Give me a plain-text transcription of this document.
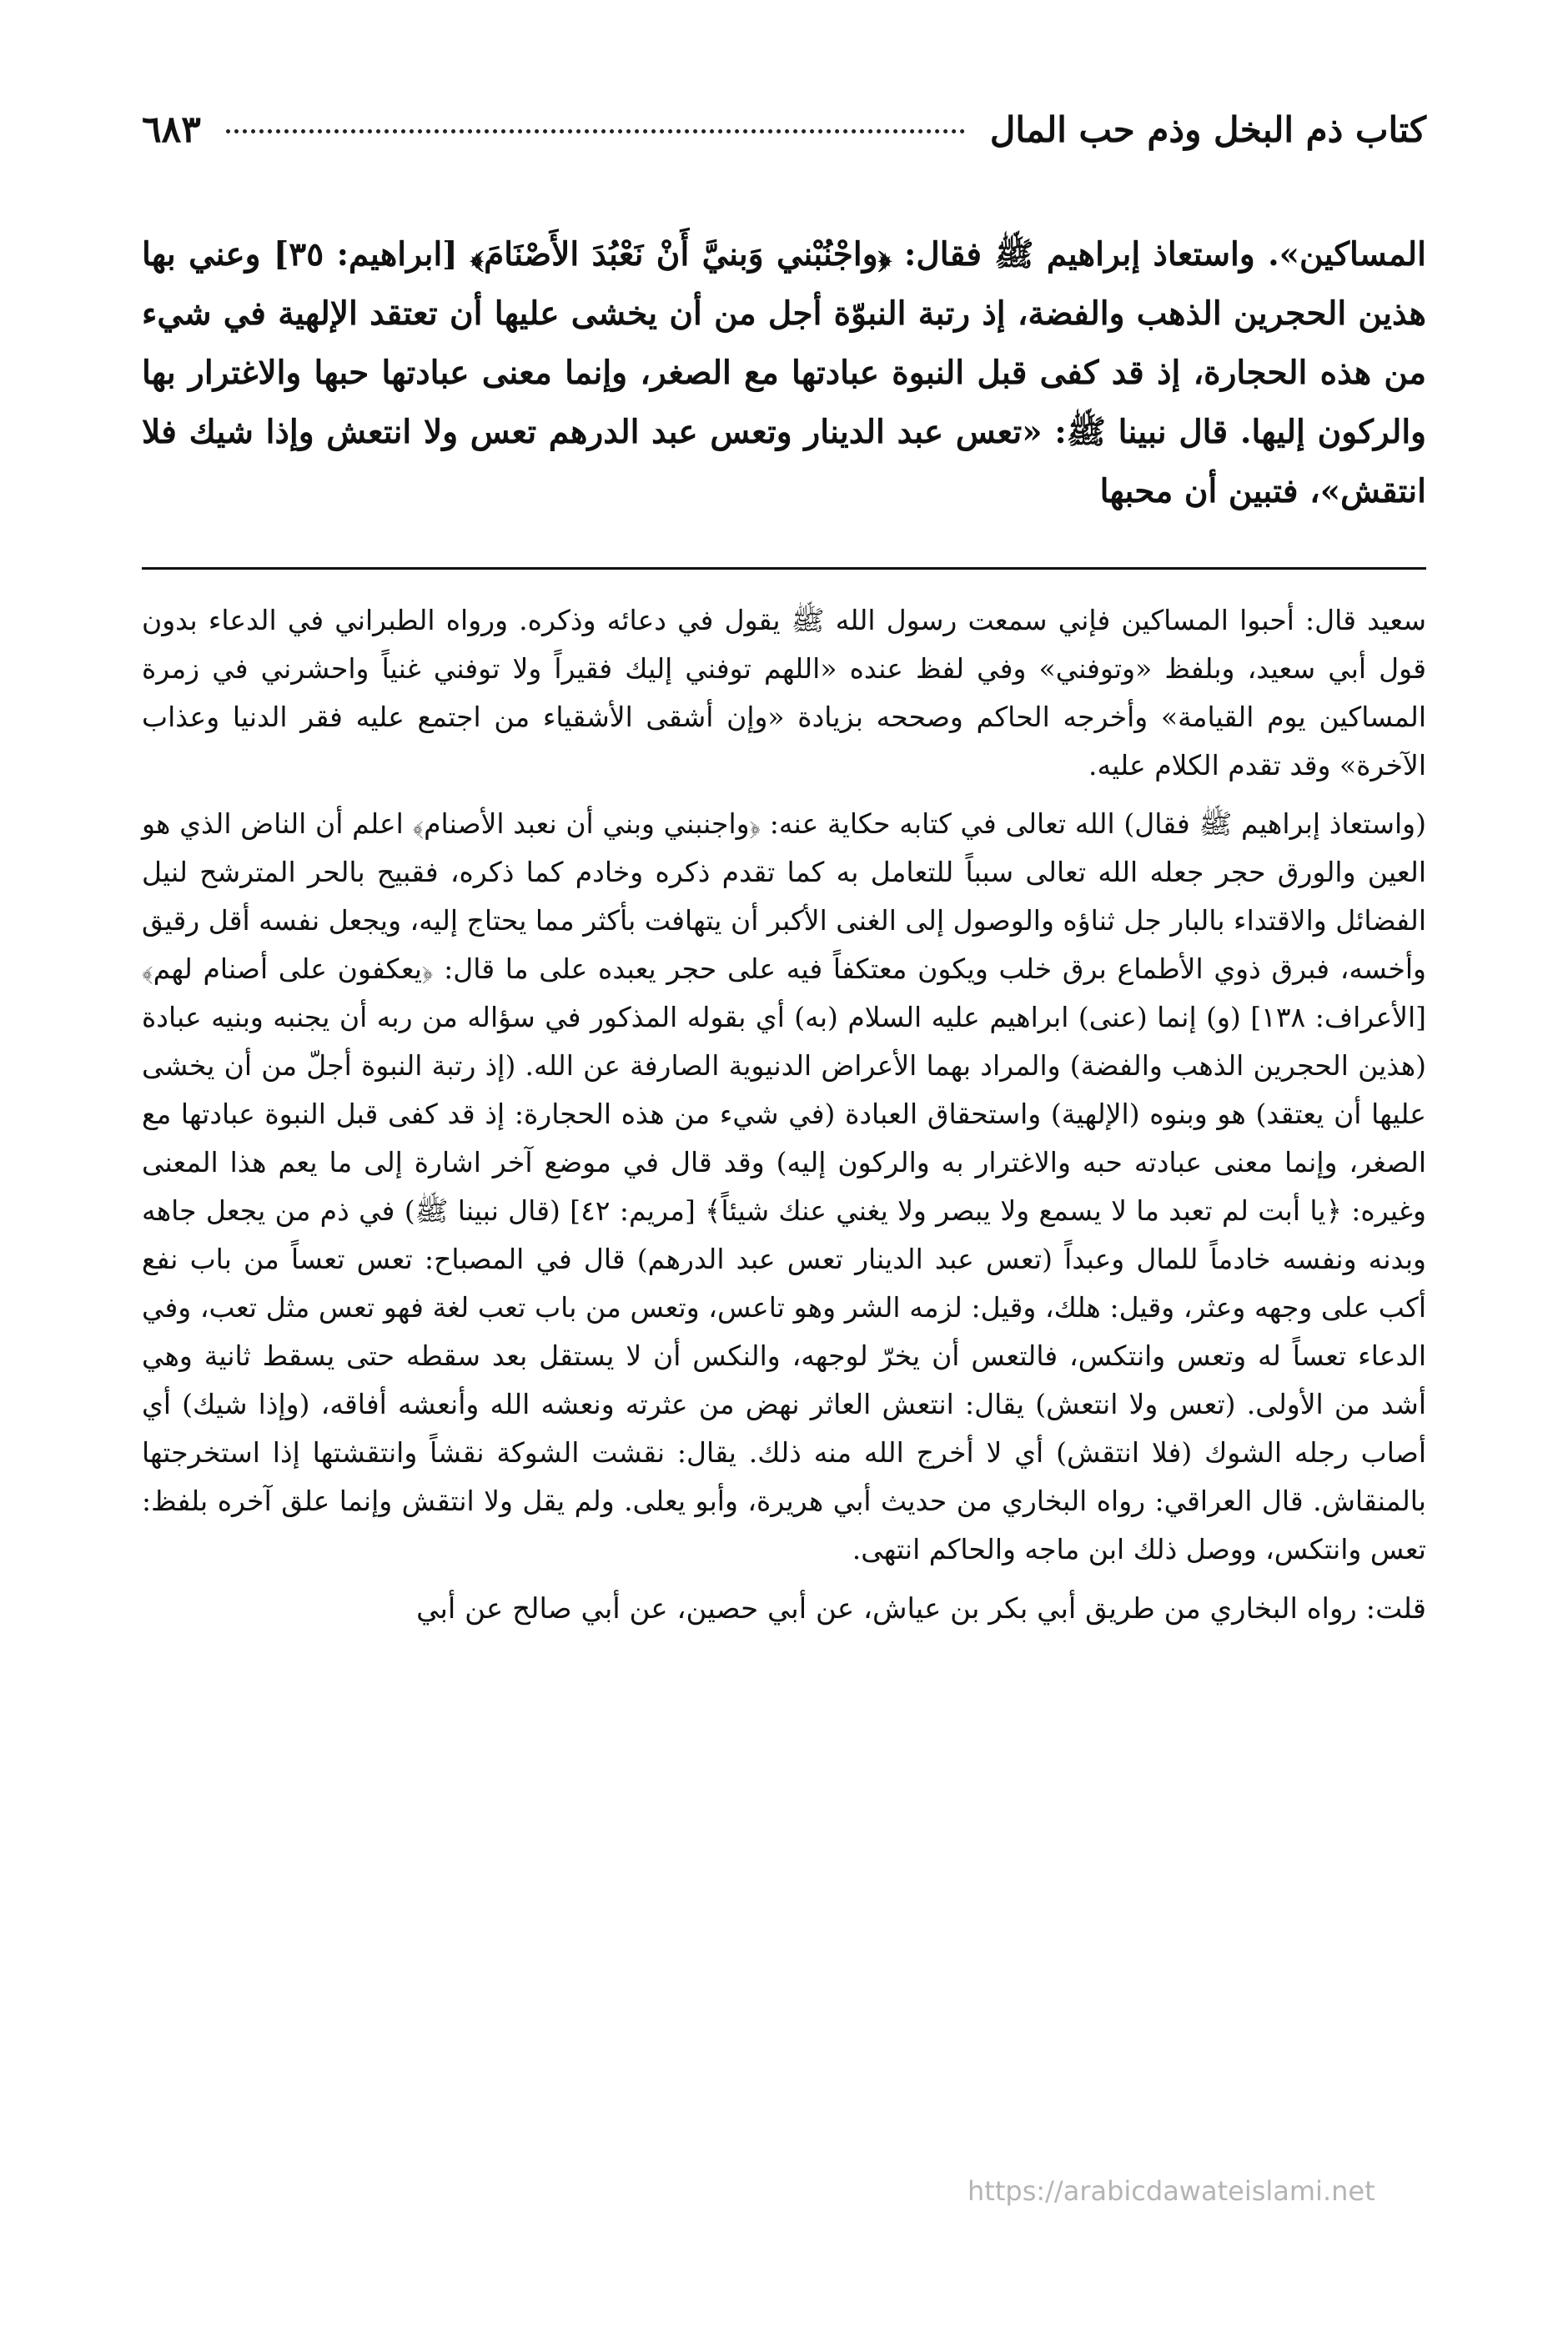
كتاب ذم البخل وذم حب المال
٦٨٣

المساكين». واستعاذ إبراهيم ﷺ فقال: ﴿واجْنُبْني وَبنيَّ أَنْ نَعْبُدَ الأَصْنَامَ﴾ [ابراهيم: ٣٥] وعني بها هذين الحجرين الذهب والفضة، إذ رتبة النبوّة أجل من أن يخشى عليها أن تعتقد الإلهية في شيء من هذه الحجارة، إذ قد كفى قبل النبوة عبادتها مع الصغر، وإنما معنى عبادتها حبها والاغترار بها والركون إليها. قال نبينا ﷺ: «تعس عبد الدينار وتعس عبد الدرهم تعس ولا انتعش وإذا شيك فلا انتقش»، فتبين أن محبها

سعيد قال: أحبوا المساكين فإني سمعت رسول الله ﷺ يقول في دعائه وذكره. ورواه الطبراني في الدعاء بدون قول أبي سعيد، وبلفظ «وتوفني» وفي لفظ عنده «اللهم توفني إليك فقيراً ولا توفني غنياً واحشرني في زمرة المساكين يوم القيامة» وأخرجه الحاكم وصححه بزيادة «وإن أشقى الأشقياء من اجتمع عليه فقر الدنيا وعذاب الآخرة» وقد تقدم الكلام عليه.

(واستعاذ إبراهيم ﷺ فقال) الله تعالى في كتابه حكاية عنه: ﴿واجنبني وبني أن نعبد الأصنام﴾ اعلم أن الناض الذي هو العين والورق حجر جعله الله تعالى سبباً للتعامل به كما تقدم ذكره وخادم كما ذكره، فقبيح بالحر المترشح لنيل الفضائل والاقتداء بالبار جل ثناؤه والوصول إلى الغنى الأكبر أن يتهافت بأكثر مما يحتاج إليه، ويجعل نفسه أقل رقيق وأخسه، فبرق ذوي الأطماع برق خلب ويكون معتكفاً فيه على حجر يعبده على ما قال: ﴿يعكفون على أصنام لهم﴾ [الأعراف: ١٣٨] (و) إنما (عنى) ابراهيم عليه السلام (به) أي بقوله المذكور في سؤاله من ربه أن يجنبه وبنيه عبادة (هذين الحجرين الذهب والفضة) والمراد بهما الأعراض الدنيوية الصارفة عن الله. (إذ رتبة النبوة أجلّ من أن يخشى عليها أن يعتقد) هو وبنوه (الإلهية) واستحقاق العبادة (في شيء من هذه الحجارة: إذ قد كفى قبل النبوة عبادتها مع الصغر، وإنما معنى عبادته حبه والاغترار به والركون إليه) وقد قال في موضع آخر اشارة إلى ما يعم هذا المعنى وغيره: ﴿يا أبت لم تعبد ما لا يسمع ولا يبصر ولا يغني عنك شيئاً﴾ [مريم: ٤٢] (قال نبينا ﷺ) في ذم من يجعل جاهه وبدنه ونفسه خادماً للمال وعبداً (تعس عبد الدينار تعس عبد الدرهم) قال في المصباح: تعس تعساً من باب نفع أكب على وجهه وعثر، وقيل: هلك، وقيل: لزمه الشر وهو تاعس، وتعس من باب تعب لغة فهو تعس مثل تعب، وفي الدعاء تعساً له وتعس وانتكس، فالتعس أن يخرّ لوجهه، والنكس أن لا يستقل بعد سقطه حتى يسقط ثانية وهي أشد من الأولى. (تعس ولا انتعش) يقال: انتعش العاثر نهض من عثرته ونعشه الله وأنعشه أفاقه، (وإذا شيك) أي أصاب رجله الشوك (فلا انتقش) أي لا أخرج الله منه ذلك. يقال: نقشت الشوكة نقشاً وانتقشتها إذا استخرجتها بالمنقاش. قال العراقي: رواه البخاري من حديث أبي هريرة، وأبو يعلى. ولم يقل ولا انتقش وإنما علق آخره بلفظ: تعس وانتكس، ووصل ذلك ابن ماجه والحاكم انتهى.

قلت: رواه البخاري من طريق أبي بكر بن عياش، عن أبي حصين، عن أبي صالح عن أبي

https://arabicdawateislami.net
